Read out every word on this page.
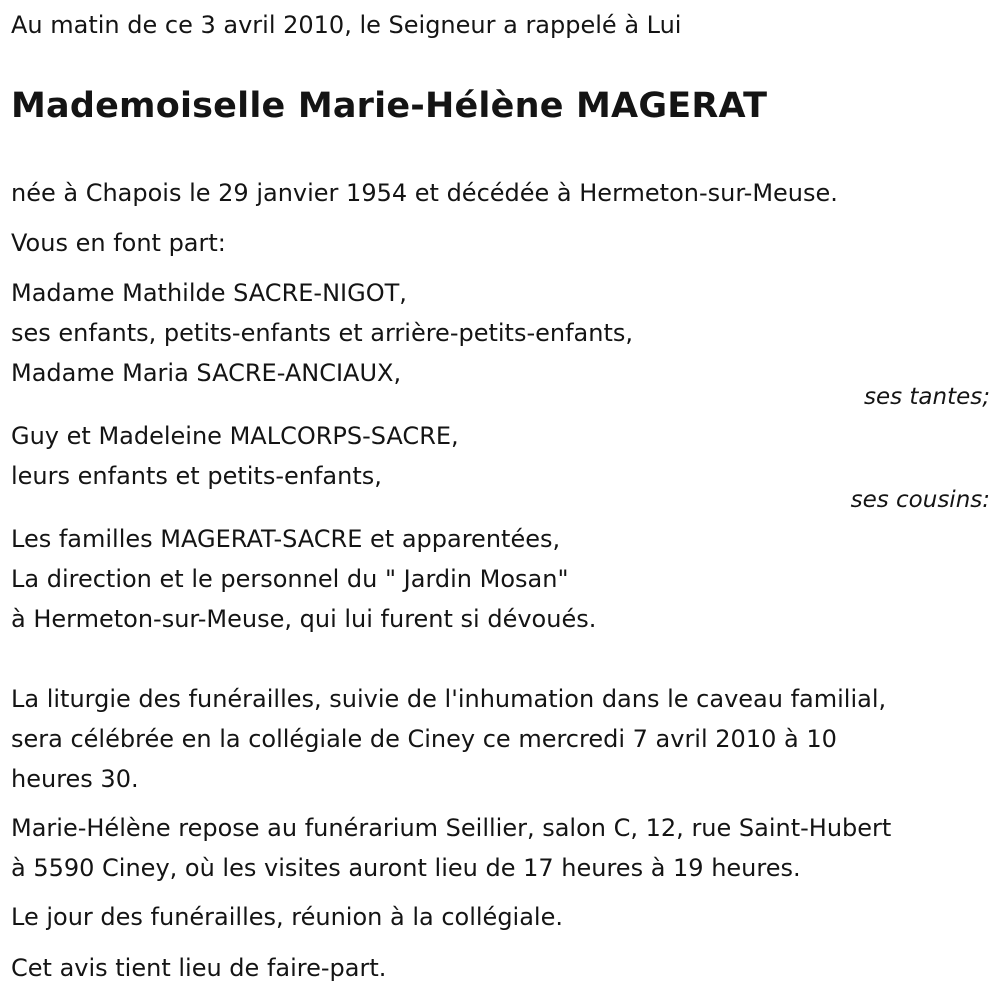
Au matin de ce 3 avril 2010, le Seigneur a rappelé à Lui

Mademoiselle Marie-Hélène MAGERAT

née à Chapois le 29 janvier 1954 et décédée à Hermeton-sur-Meuse.

Vous en font part:

Madame Mathilde SACRE-NIGOT,

ses enfants, petits-enfants et arrière-petits-enfants,

Madame Maria SACRE-ANCIAUX,

ses tantes;

Guy et Madeleine MALCORPS-SACRE,

leurs enfants et petits-enfants,

ses cousins:

Les familles MAGERAT-SACRE et apparentées,

La direction et le personnel du " Jardin Mosan"

à Hermeton-sur-Meuse, qui lui furent si dévoués.

La liturgie des funérailles, suivie de l'inhumation dans le caveau familial,

sera célébrée en la collégiale de Ciney ce mercredi 7 avril 2010 à 10

heures 30.

Marie-Hélène repose au funérarium Seillier, salon C, 12, rue Saint-Hubert

à 5590 Ciney, où les visites auront lieu de 17 heures à 19 heures.

Le jour des funérailles, réunion à la collégiale.

Cet avis tient lieu de faire-part.
